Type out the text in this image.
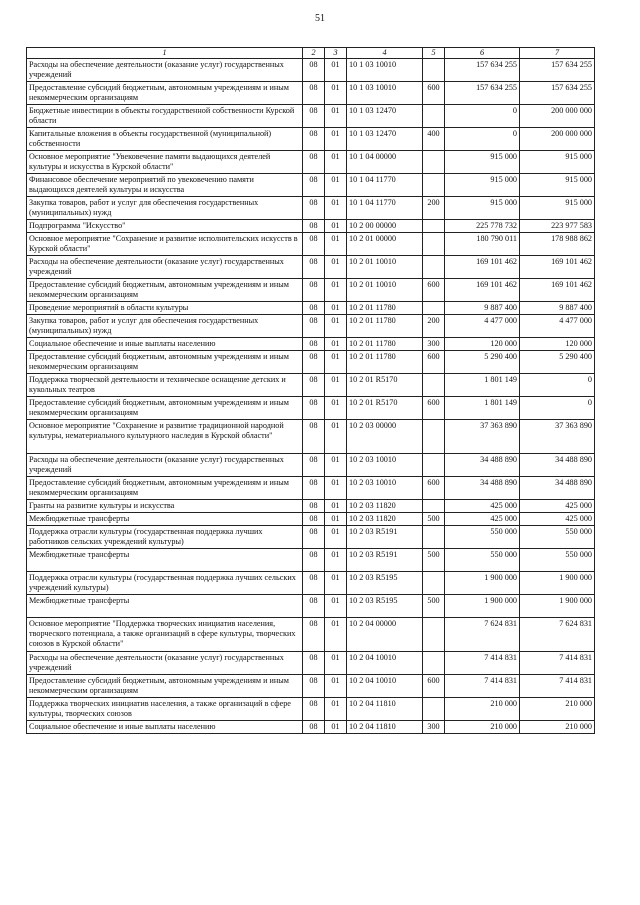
51
1	2	3	4	5	6	7
Расходы на обеспечение деятельности (оказание услуг) государственных учреждений	08	01	10 1 03 10010		157 634 255	157 634 255
Предоставление субсидий бюджетным, автономным учреждениям и иным некоммерческим организациям	08	01	10 1 03 10010	600	157 634 255	157 634 255
Бюджетные инвестиции в объекты государственной собственности Курской области	08	01	10 1 03 12470		0	200 000 000
Капитальные вложения в объекты государственной (муниципальной) собственности	08	01	10 1 03 12470	400	0	200 000 000
Основное мероприятие "Увековечение памяти выдающихся деятелей культуры и искусства в Курской области"	08	01	10 1 04 00000		915 000	915 000
Финансовое обеспечение мероприятий по увековечению памяти выдающихся деятелей культуры и искусства	08	01	10 1 04 11770		915 000	915 000
Закупка товаров, работ и услуг для обеспечения государственных (муниципальных) нужд	08	01	10 1 04 11770	200	915 000	915 000
Подпрограмма "Искусство"	08	01	10 2 00 00000		225 778 732	223 977 583
Основное мероприятие "Сохранение и развитие исполнительских искусств в Курской области"	08	01	10 2 01 00000		180 790 011	178 988 862
Расходы на обеспечение деятельности (оказание услуг) государственных учреждений	08	01	10 2 01 10010		169 101 462	169 101 462
Предоставление субсидий бюджетным, автономным учреждениям и иным некоммерческим организациям	08	01	10 2 01 10010	600	169 101 462	169 101 462
Проведение мероприятий в области культуры	08	01	10 2 01 11780		9 887 400	9 887 400
Закупка товаров, работ и услуг для обеспечения государственных (муниципальных) нужд	08	01	10 2 01 11780	200	4 477 000	4 477 000
Социальное обеспечение и иные выплаты населению	08	01	10 2 01 11780	300	120 000	120 000
Предоставление субсидий бюджетным, автономным учреждениям и иным некоммерческим организациям	08	01	10 2 01 11780	600	5 290 400	5 290 400
Поддержка творческой деятельности и техническое оснащение детских и кукольных театров	08	01	10 2 01 R5170		1 801 149	0
Предоставление субсидий бюджетным, автономным учреждениям и иным некоммерческим организациям	08	01	10 2 01 R5170	600	1 801 149	0
Основное мероприятие "Сохранение и развитие традиционной народной культуры, нематериального культурного наследия в Курской области"	08	01	10 2 03 00000		37 363 890	37 363 890
Расходы на обеспечение деятельности (оказание услуг) государственных учреждений	08	01	10 2 03 10010		34 488 890	34 488 890
Предоставление субсидий бюджетным, автономным учреждениям и иным некоммерческим организациям	08	01	10 2 03 10010	600	34 488 890	34 488 890
Гранты на развитие культуры и искусства	08	01	10 2 03 11820		425 000	425 000
Межбюджетные трансферты	08	01	10 2 03 11820	500	425 000	425 000
Поддержка отрасли культуры (государственная поддержка лучших работников сельских учреждений культуры)	08	01	10 2 03 R5191		550 000	550 000
Межбюджетные трансферты	08	01	10 2 03 R5191	500	550 000	550 000
Поддержка отрасли культуры (государственная поддержка лучших сельских учреждений культуры)	08	01	10 2 03 R5195		1 900 000	1 900 000
Межбюджетные трансферты	08	01	10 2 03 R5195	500	1 900 000	1 900 000
Основное мероприятие "Поддержка творческих инициатив населения, творческого потенциала, а также организаций в сфере культуры, творческих союзов в Курской области"	08	01	10 2 04 00000		7 624 831	7 624 831
Расходы на обеспечение деятельности (оказание услуг) государственных учреждений	08	01	10 2 04 10010		7 414 831	7 414 831
Предоставление субсидий бюджетным, автономным учреждениям и иным некоммерческим организациям	08	01	10 2 04 10010	600	7 414 831	7 414 831
Поддержка творческих инициатив населения, а также организаций в сфере культуры, творческих союзов	08	01	10 2 04 11810		210 000	210 000
Социальное обеспечение и иные выплаты населению	08	01	10 2 04 11810	300	210 000	210 000
